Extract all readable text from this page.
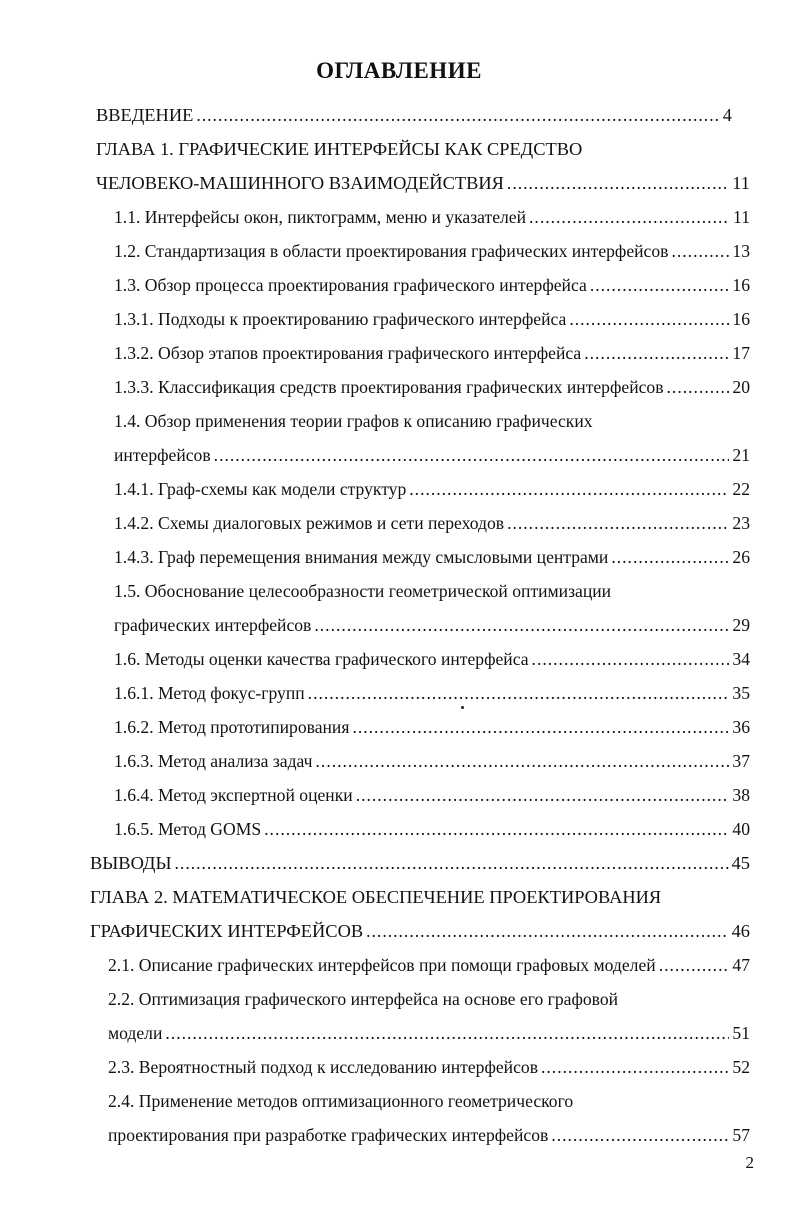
ОГЛАВЛЕНИЕ
ВВЕДЕНИЕ .....	4
ГЛАВА 1. ГРАФИЧЕСКИЕ ИНТЕРФЕЙСЫ КАК СРЕДСТВО
ЧЕЛОВЕКО-МАШИННОГО ВЗАИМОДЕЙСТВИЯ .....	11
1.1. Интерфейсы окон, пиктограмм, меню и указателей .....	11
1.2. Стандартизация в области проектирования графических интерфейсов .....	13
1.3. Обзор процесса проектирования графического интерфейса .....	16
1.3.1. Подходы к проектированию графического интерфейса .....	16
1.3.2. Обзор этапов проектирования графического интерфейса .....	17
1.3.3. Классификация средств проектирования графических интерфейсов .....	20
1.4. Обзор применения теории графов к описанию графических
интерфейсов .....	21
1.4.1. Граф-схемы как модели структур .....	22
1.4.2. Схемы диалоговых режимов и сети переходов .....	23
1.4.3. Граф перемещения внимания между смысловыми центрами .....	26
1.5. Обоснование целесообразности геометрической оптимизации
графических интерфейсов .....	29
1.6. Методы оценки качества графического интерфейса .....	34
1.6.1. Метод фокус-групп .....	35
1.6.2. Метод прототипирования .....	36
1.6.3. Метод анализа задач .....	37
1.6.4. Метод экспертной оценки .....	38
1.6.5. Метод GOMS .....	40
ВЫВОДЫ .....	45
ГЛАВА 2. МАТЕМАТИЧЕСКОЕ ОБЕСПЕЧЕНИЕ ПРОЕКТИРОВАНИЯ
ГРАФИЧЕСКИХ ИНТЕРФЕЙСОВ .....	46
2.1. Описание графических интерфейсов при помощи графовых моделей .....	47
2.2. Оптимизация графического интерфейса на основе его графовой
модели .....	51
2.3. Вероятностный подход к исследованию интерфейсов .....	52
2.4. Применение методов оптимизационного геометрического
проектирования при разработке графических интерфейсов .....	57
2
